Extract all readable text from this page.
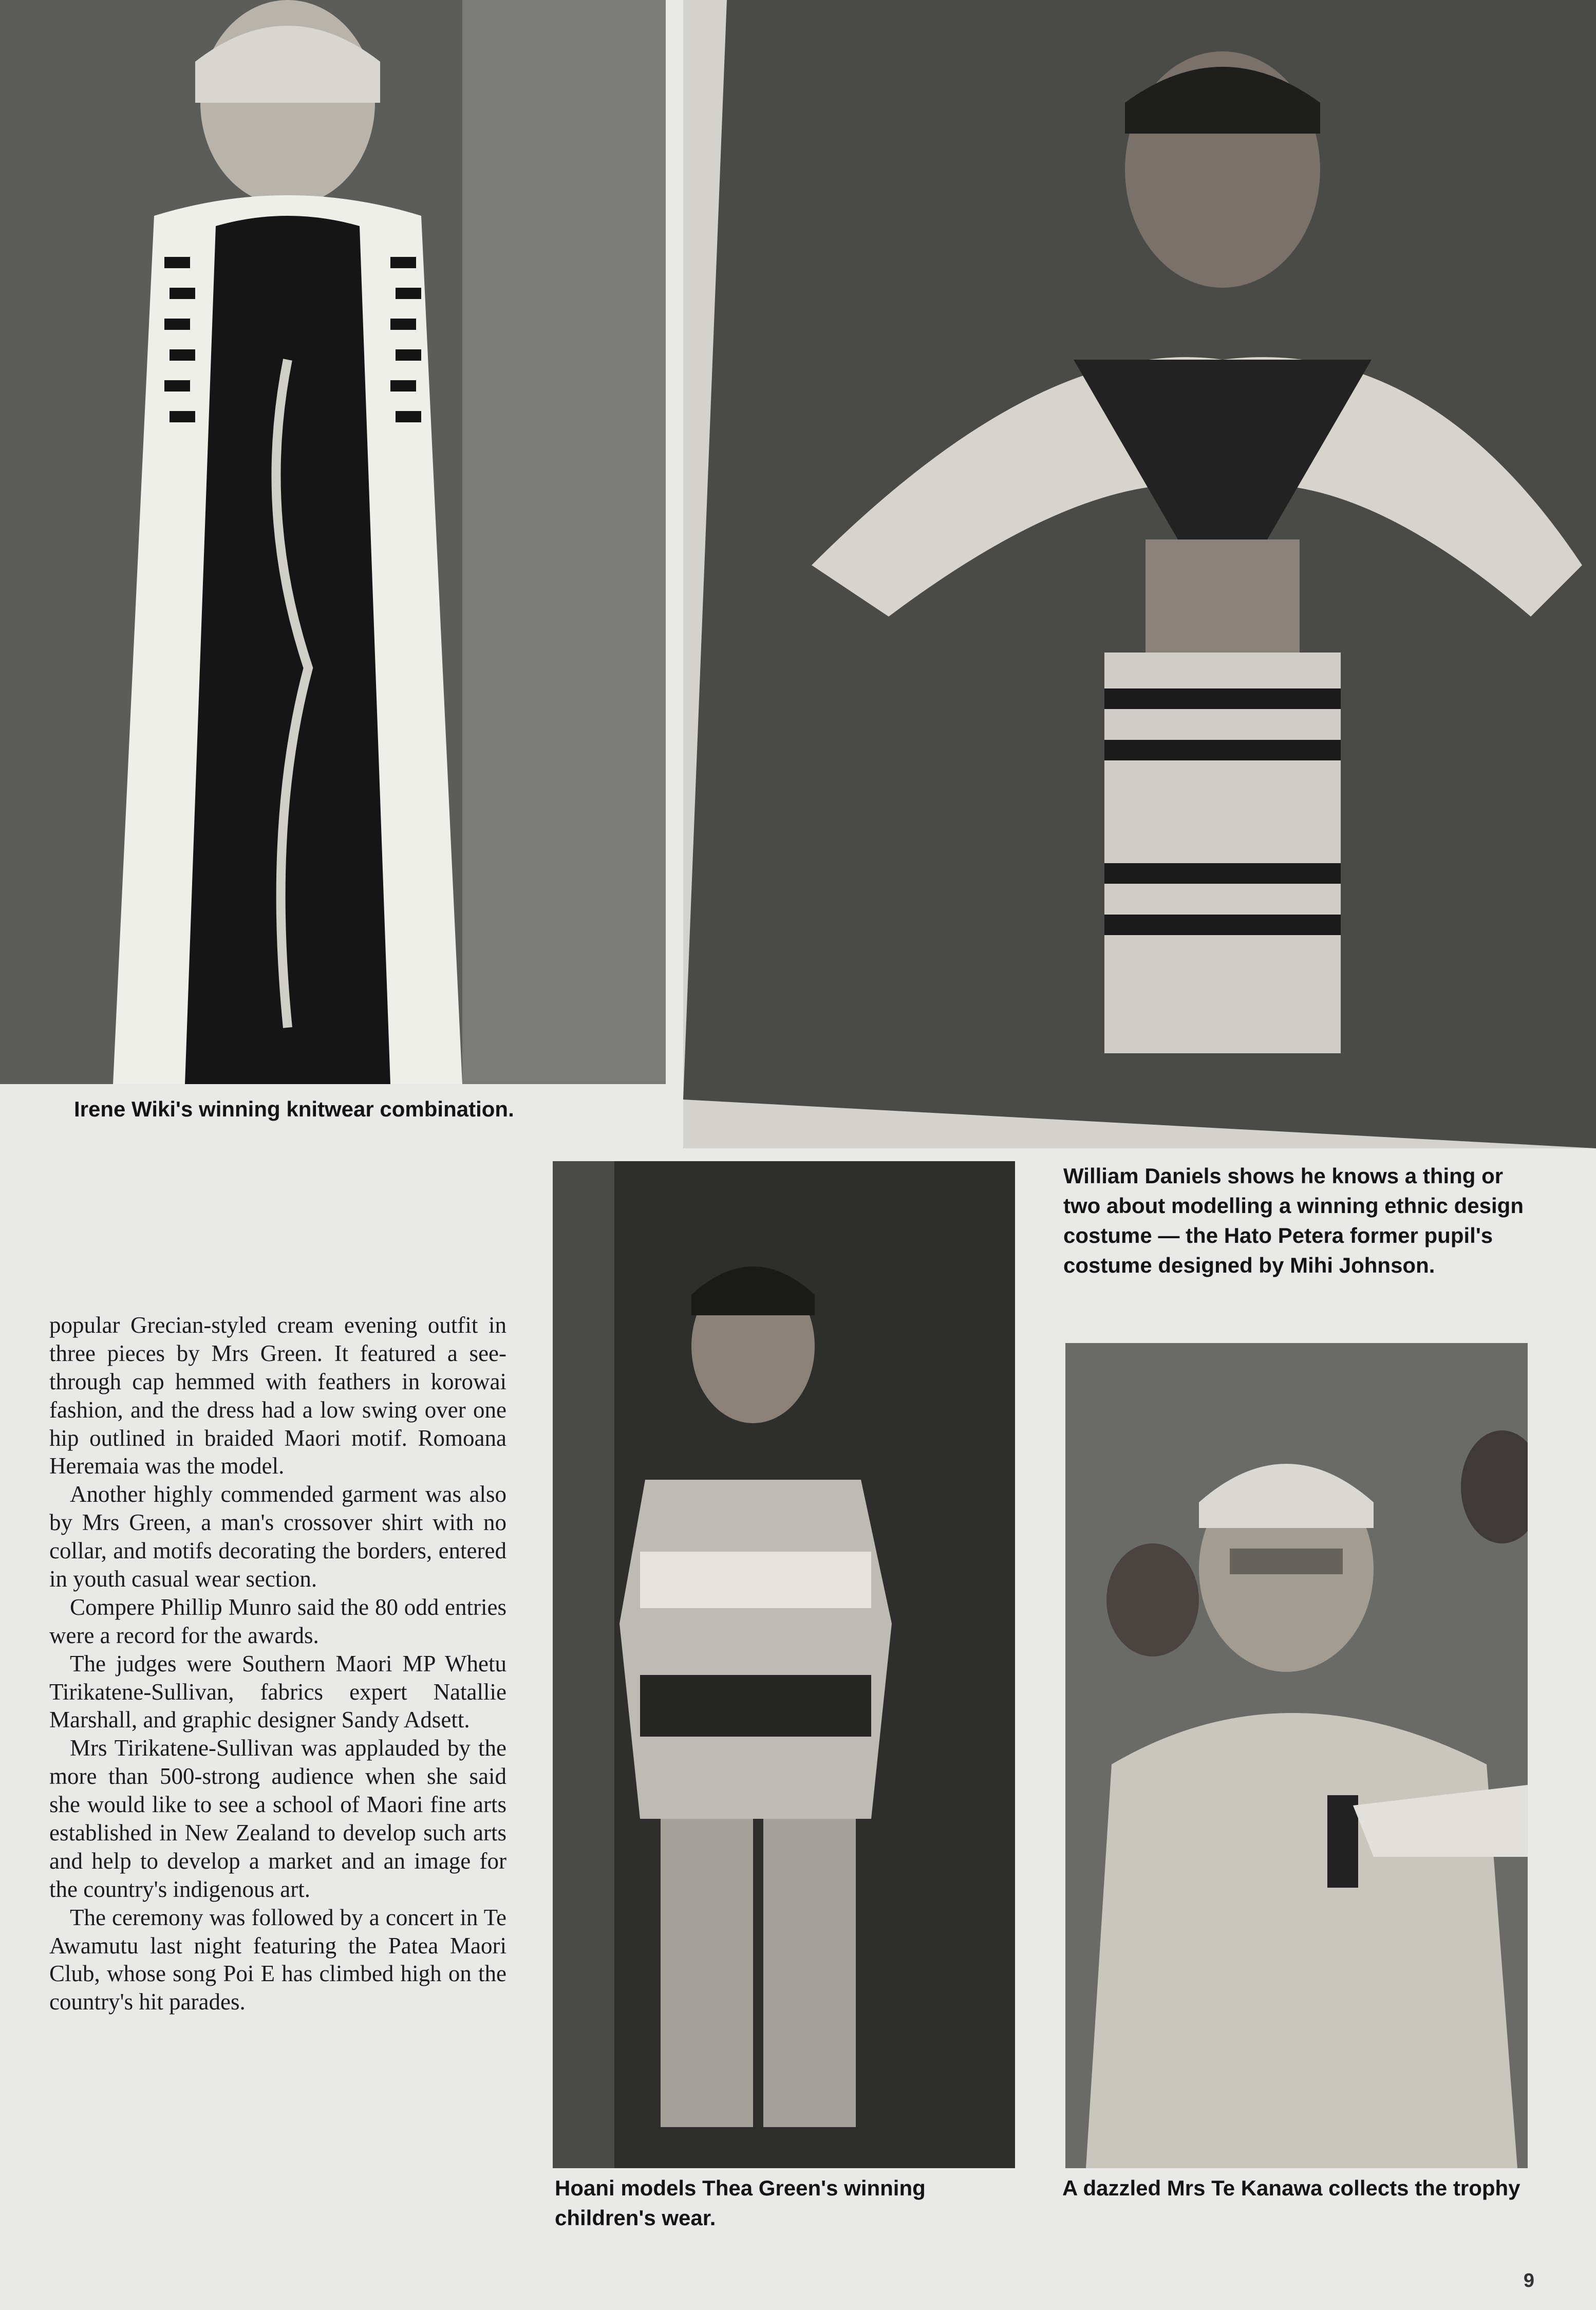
Irene Wiki's winning knitwear combination.

William Daniels shows he knows a thing or two about modelling a winning ethnic design costume — the Hato Petera former pupil's costume designed by Mihi Johnson.

Hoani models Thea Green's winning children's wear.

A dazzled Mrs Te Kanawa collects the trophy

popular Grecian-styled cream evening outfit in three pieces by Mrs Green. It featured a see-through cap hemmed with feathers in korowai fashion, and the dress had a low swing over one hip outlined in braided Maori motif. Romoana Heremaia was the model.

Another highly commended garment was also by Mrs Green, a man's crossover shirt with no collar, and motifs decorating the borders, entered in youth casual wear section.

Compere Phillip Munro said the 80 odd entries were a record for the awards.

The judges were Southern Maori MP Whetu Tirikatene-Sullivan, fabrics expert Natallie Marshall, and graphic designer Sandy Adsett.

Mrs Tirikatene-Sullivan was applauded by the more than 500-strong audience when she said she would like to see a school of Maori fine arts established in New Zealand to develop such arts and help to develop a market and an image for the country's indigenous art.

The ceremony was followed by a concert in Te Awamutu last night featuring the Patea Maori Club, whose song Poi E has climbed high on the country's hit parades.

9
